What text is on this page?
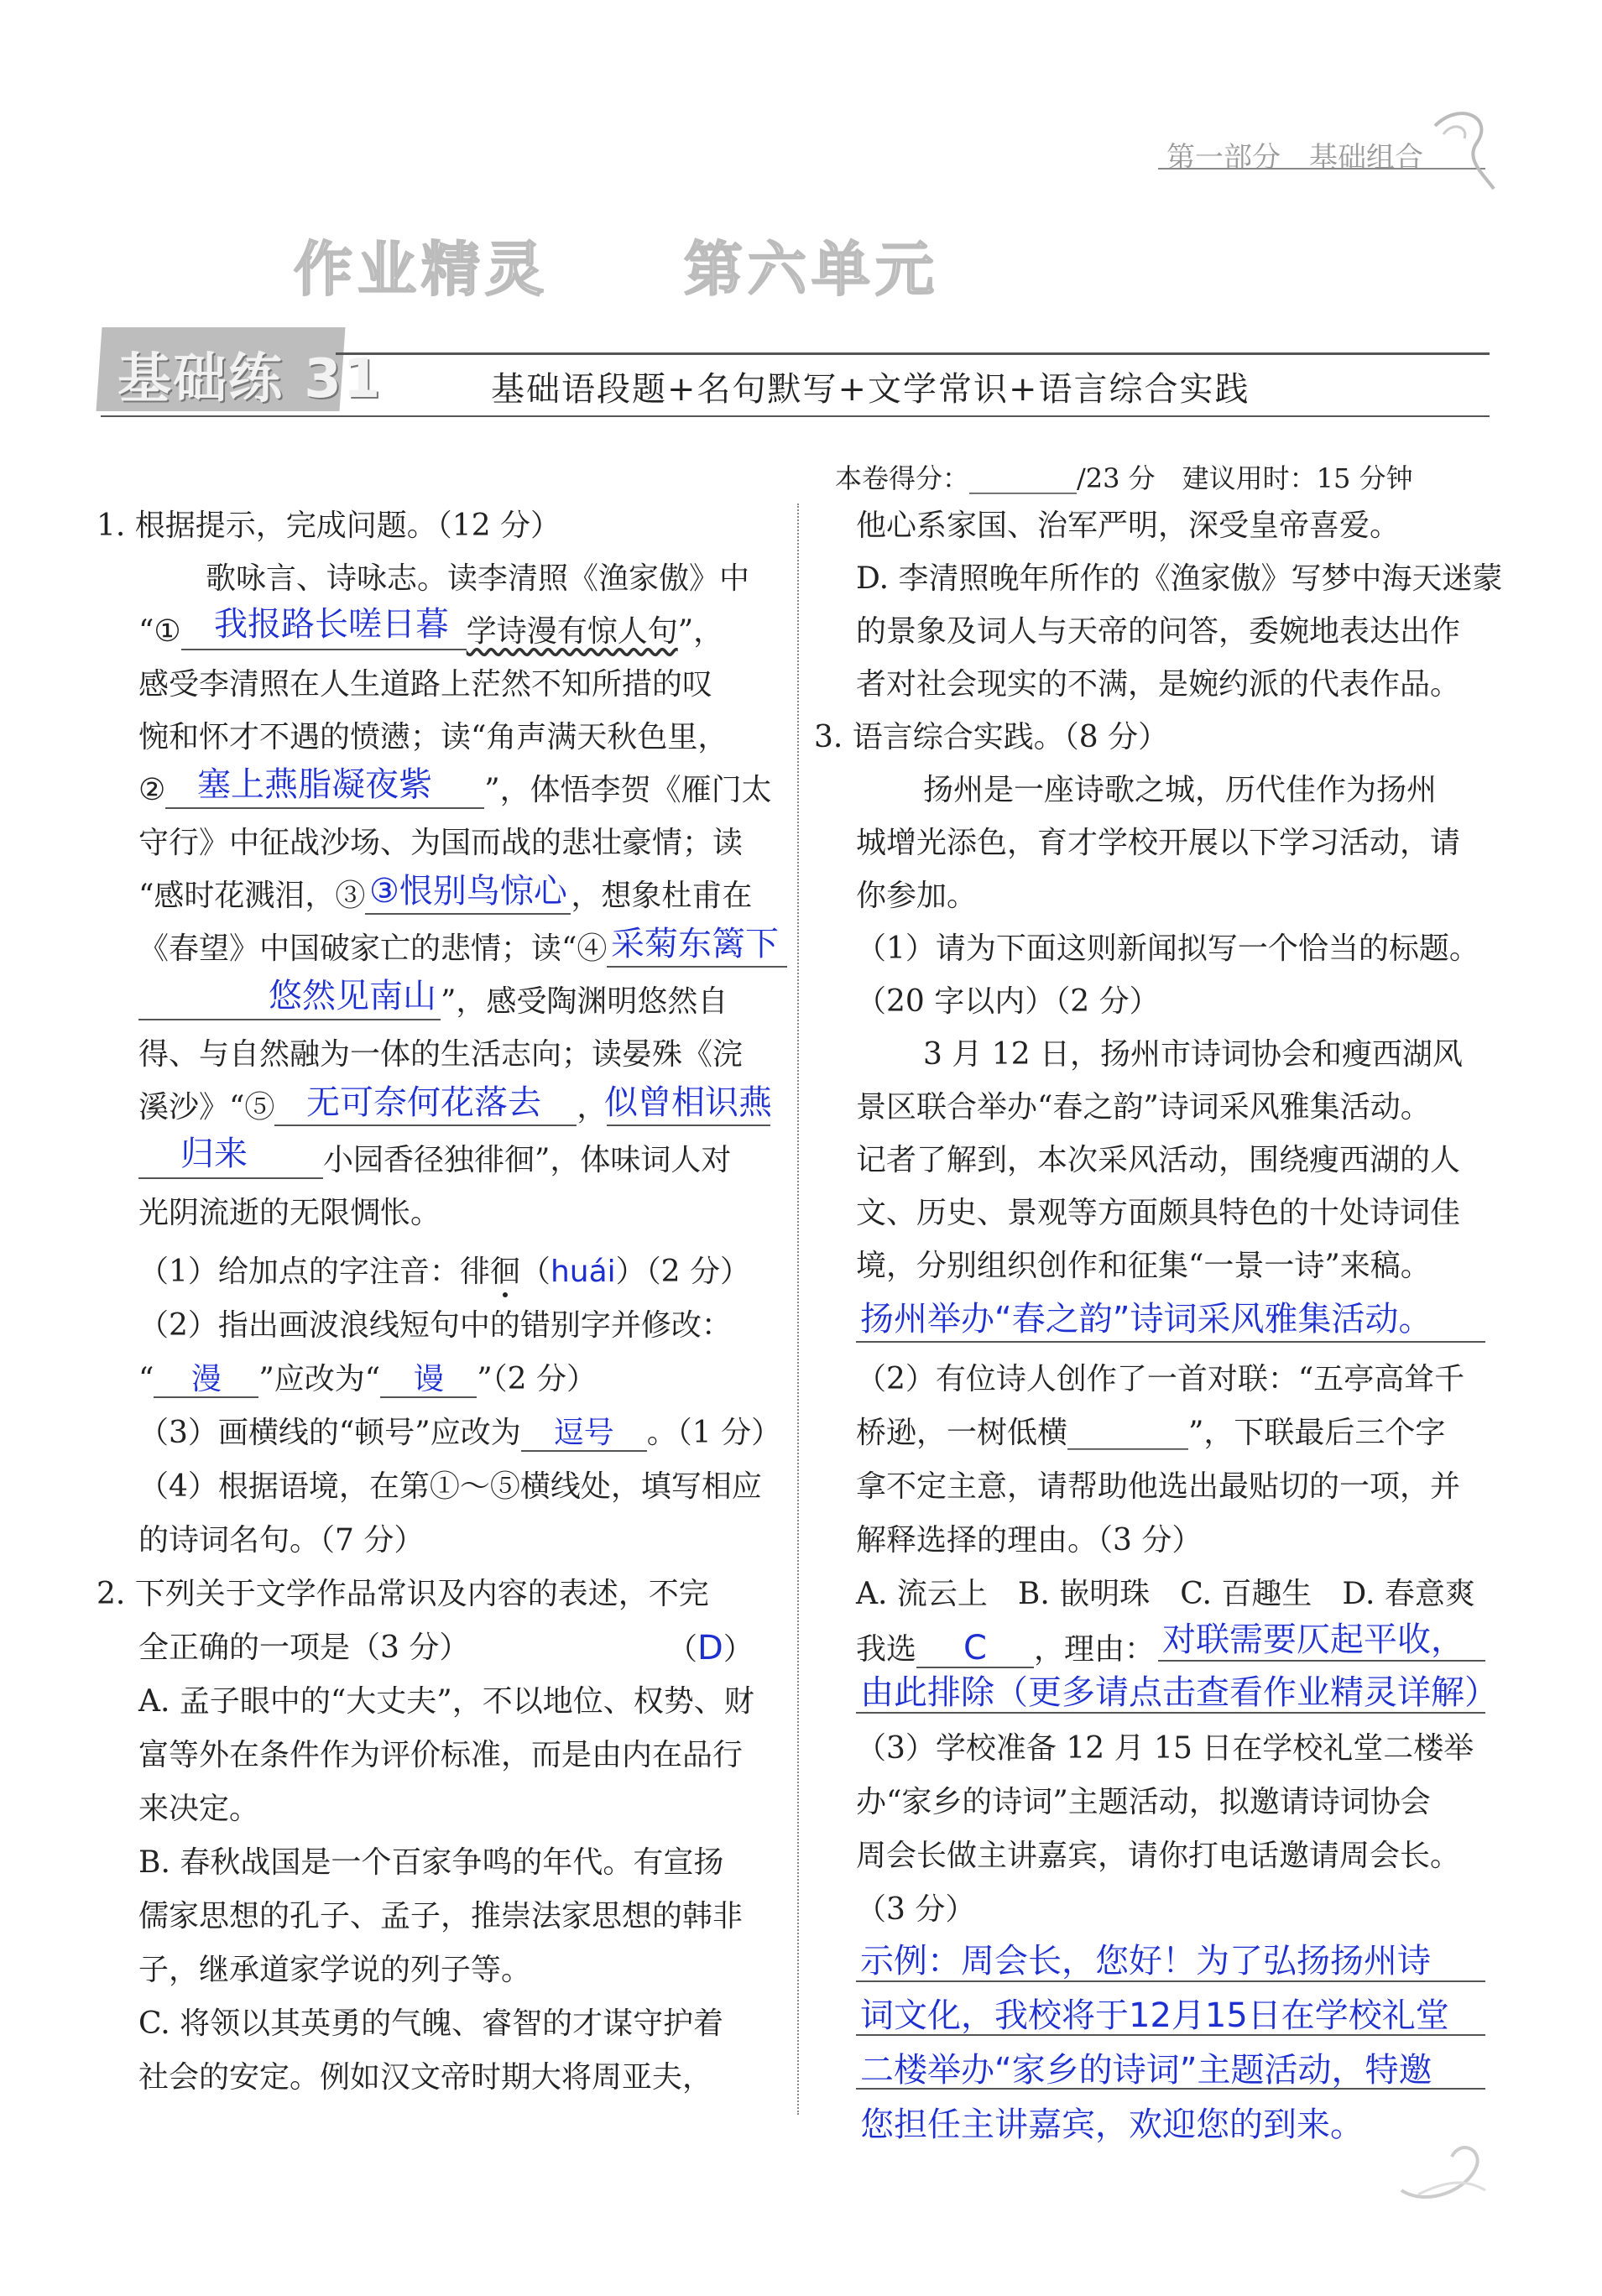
第一部分　基础组合
作业精灵 第六单元
基础练 31	基础语段题+名句默写+文学常识+语言综合实践
本卷得分：________/23 分　建议用时：15 分钟
1. 根据提示，完成问题。（12 分）
歌咏言、诗咏志。读李清照《渔家傲》中
“①	学诗漫有惊人句”，
我报路长嗟日暮
感受李清照在人生道路上茫然不知所措的叹
惋和怀才不遇的愤懑；读“角声满天秋色里，
②	”，体悟李贺《雁门太
塞上燕脂凝夜紫
守行》中征战沙场、为国而战的悲壮豪情；读
“感时花溅泪，③	，想象杜甫在
③恨别鸟惊心
《春望》中国破家亡的悲情；读“④ 采菊东篱下
”，感受陶渊明悠然自
悠然见南山
得、与自然融为一体的生活志向；读晏殊《浣
溪沙》“⑤	，
无可奈何花落去 似曾相识燕
小园香径独徘徊”，体味词人对
归来
光阴流逝的无限惆怅。
（1）给加点的字注音：徘徊（huái）（2 分）
（2）指出画波浪线短句中的错别字并修改：
“ 漫 ”应改为“ 谩 ”（2 分）
（3）画横线的“顿号”应改为 逗号 。（1 分）
（4）根据语境，在第①～⑤横线处，填写相应
的诗词名句。（7 分）
2. 下列关于文学作品常识及内容的表述，不完
全正确的一项是（3 分）	（D）
A. 孟子眼中的“大丈夫”，不以地位、权势、财
富等外在条件作为评价标准，而是由内在品行
来决定。
B. 春秋战国是一个百家争鸣的年代。有宣扬
儒家思想的孔子、孟子，推崇法家思想的韩非
子，继承道家学说的列子等。
C. 将领以其英勇的气魄、睿智的才谋守护着
社会的安定。例如汉文帝时期大将周亚夫，
他心系家国、治军严明，深受皇帝喜爱。
D. 李清照晚年所作的《渔家傲》写梦中海天迷蒙
的景象及词人与天帝的问答，委婉地表达出作
者对社会现实的不满，是婉约派的代表作品。
3. 语言综合实践。（8 分）
扬州是一座诗歌之城，历代佳作为扬州
城增光添色，育才学校开展以下学习活动，请
你参加。
（1）请为下面这则新闻拟写一个恰当的标题。
（20 字以内）（2 分）
3 月 12 日，扬州市诗词协会和瘦西湖风
景区联合举办“春之韵”诗词采风雅集活动。
记者了解到，本次采风活动，围绕瘦西湖的人
文、历史、景观等方面颇具特色的十处诗词佳
境，分别组织创作和征集“一景一诗”来稿。
扬州举办“春之韵”诗词采风雅集活动。
（2）有位诗人创作了一首对联：“五亭高耸千
桥逊，一树低横________”，下联最后三个字
拿不定主意，请帮助他选出最贴切的一项，并
解释选择的理由。（3 分）
A. 流云上　B. 嵌明珠　C. 百趣生　D. 春意爽
我选 C ，理由： 对联需要仄起平收，
由此排除（更多请点击查看作业精灵详解）
（3）学校准备 12 月 15 日在学校礼堂二楼举
办“家乡的诗词”主题活动，拟邀请诗词协会
周会长做主讲嘉宾，请你打电话邀请周会长。
（3 分）
示例：周会长，您好！为了弘扬扬州诗
词文化，我校将于12月15日在学校礼堂
二楼举办“家乡的诗词”主题活动，特邀
您担任主讲嘉宾，欢迎您的到来。
